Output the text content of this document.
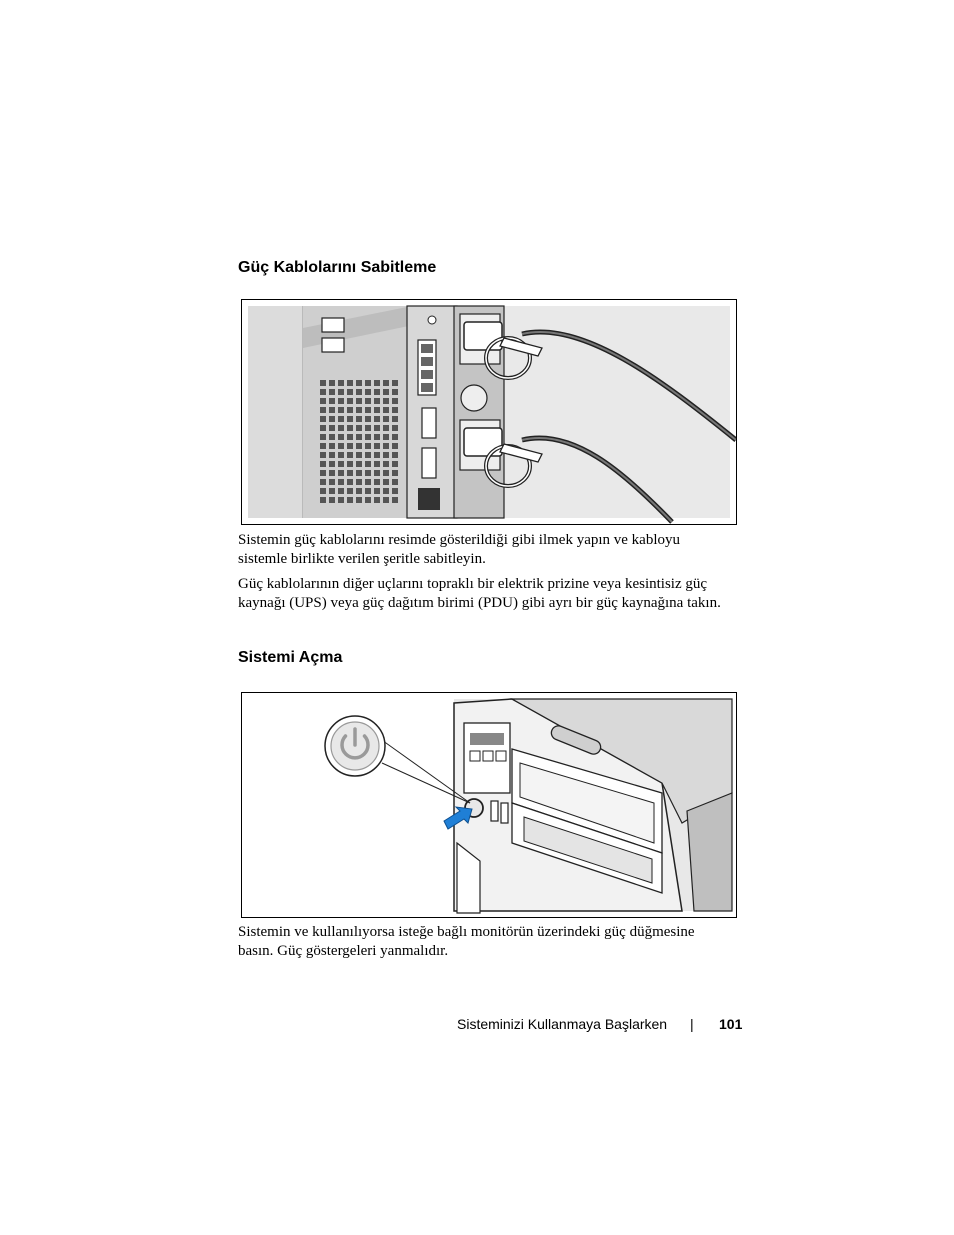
Güç Kablolarını Sabitleme
Sistemin güç kablolarını resimde gösterildiği gibi ilmek yapın ve kabloyu
sistemle birlikte verilen şeritle sabitleyin.
Güç kablolarının diğer uçlarını topraklı bir elektrik prizine veya kesintisiz güç
kaynağı (UPS) veya güç dağıtım birimi (PDU) gibi ayrı bir güç kaynağına takın.
Sistemi Açma
Sistemin ve kullanılıyorsa isteğe bağlı monitörün üzerindeki güç düğmesine
basın. Güç göstergeleri yanmalıdır.
Sisteminizi Kullanmaya Başlarken | 101
